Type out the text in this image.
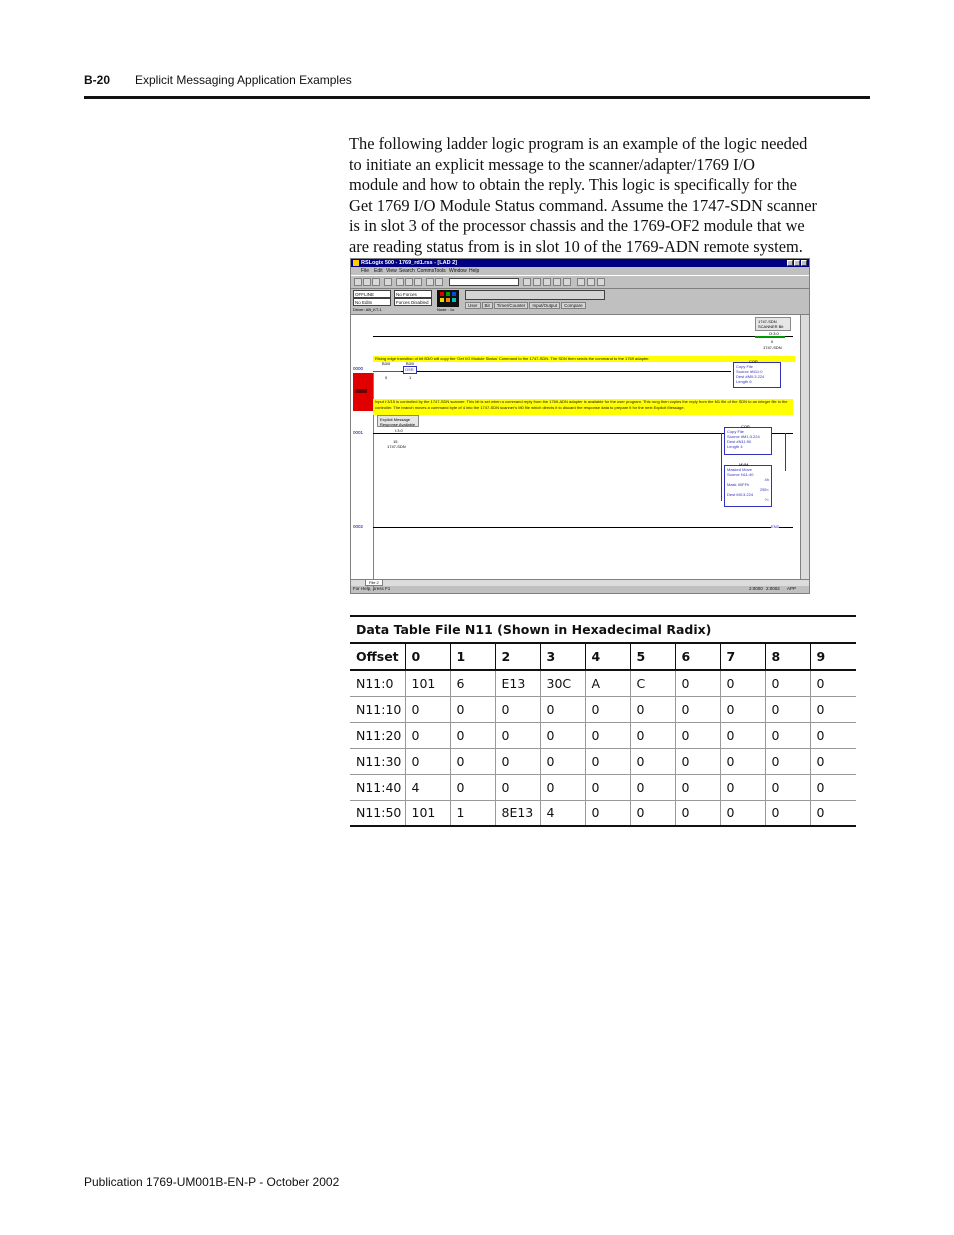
B-20 Explicit Messaging Application Examples

The following ladder logic program is an example of the logic needed
to initiate an explicit message to the scanner/adapter/1769 I/O
module and how to obtain the reply. This logic is specifically for the
Get 1769 I/O Module Status command. Assume the 1747-SDN scanner
is in slot 3 of the processor chassis and the 1769-OF2 module that we
are reading status from is in slot 10 of the 1769-ADN remote system.

RSLogix 500 - 1769_rd1.rss - [LAD 2]
File Edit View Search Comms Tools Window Help
OFFLINE	No Forces
No Edits	Forces Disabled
Driver: AB_KT-1	Node : 1o
User Bit Timer/Counter Input/Output Compare
1747-SDN
SCANNER Bit
O:3.0
0
1747-SDN
Rising edge transition of bit B3/0 will copy the 'Get I/O Module Status' Command to the 1747-SDN. The SDN then sends the command to the 1769 adapter.
0000
B3/0
0
B3/0
OSR
1
Copy File
Source #N11:0
Dest #M0:3.224
Length 6
COP
Input I:3/15 is controlled by the 1747-SDN scanner. This bit is set when a command reply from the 1769-ADN adapter is available for the user program. This rung then copies the reply from the M1 file of the SDN to an integer file in the controller. The branch moves a command byte of 4 into the 1747-SDN scanner's M0 file which directs it to discard the response data to prepare it for the next Explicit Message.
0001
Explicit Message
Response Available
I:3.0
15
1747-SDN
Copy File
Source #M1:3.224
Dest #N11:50
Length 4
COP
Masked Move
Source N11:40
4h
Mask 00FFh
255<
Dest M0:3.224
?<
MVM
0002	END
File 2
For Help, press F1	2:0000 2:0002 APP
Data Table File N11 (Shown in Hexadecimal Radix)										
Offset	0	1	2	3	4	5	6	7	8	9
N11:0	101	6	E13	30C	A	C	0	0	0	0
N11:10	0	0	0	0	0	0	0	0	0	0
N11:20	0	0	0	0	0	0	0	0	0	0
N11:30	0	0	0	0	0	0	0	0	0	0
N11:40	4	0	0	0	0	0	0	0	0	0
N11:50	101	1	8E13	4	0	0	0	0	0	0
Publication 1769-UM001B-EN-P - October 2002
